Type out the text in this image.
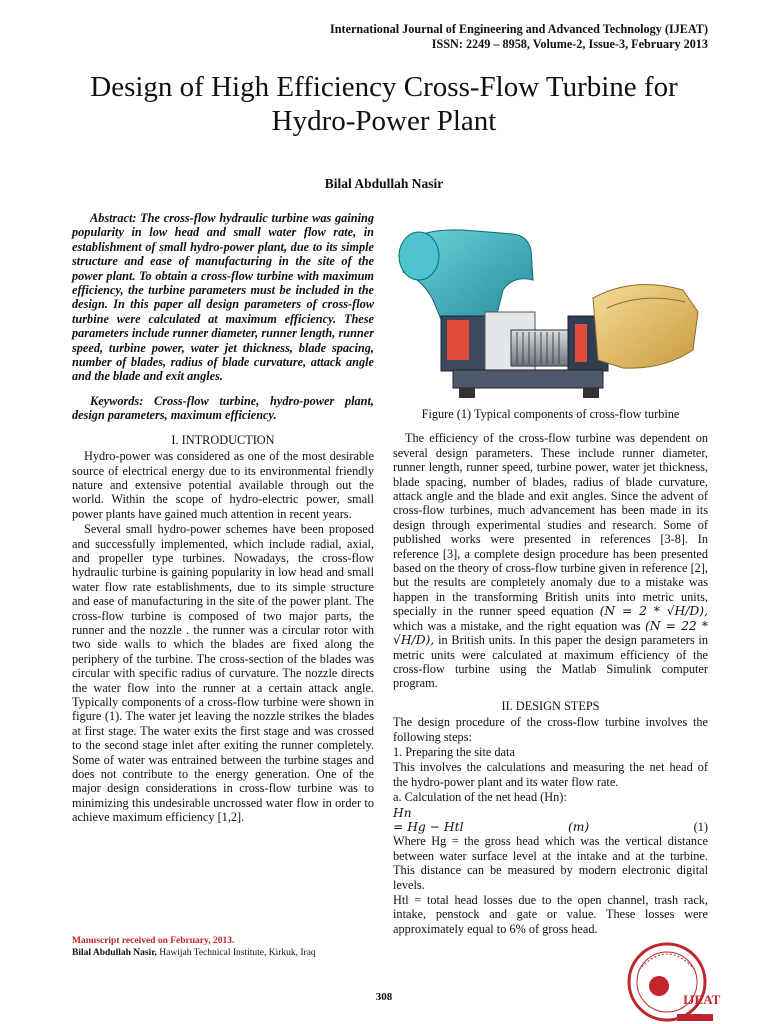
International Journal of Engineering and Advanced Technology (IJEAT)
ISSN: 2249 – 8958, Volume-2, Issue-3, February 2013
Design of High Efficiency Cross-Flow Turbine for
Hydro-Power Plant
Bilal Abdullah Nasir

Abstract: The cross-flow hydraulic turbine was gaining popularity in low head and small water flow rate, in establishment of small hydro-power plant, due to its simple structure and ease of manufacturing in the site of the power plant. To obtain a cross-flow turbine with maximum efficiency, the turbine parameters must be included in the design. In this paper all design parameters of cross-flow turbine were calculated at maximum efficiency. These parameters include runner diameter, runner length, runner speed, turbine power, water jet thickness, blade spacing, number of blades, radius of blade curvature, attack angle and the blade and exit angles.

Keywords: Cross-flow turbine, hydro-power plant, design parameters, maximum efficiency.

I. INTRODUCTION

Hydro-power was considered as one of the most desirable source of electrical energy due to its environmental friendly nature and extensive potential available through out the world. Within the scope of hydro-electric power, small power plants have gained much attention in recent years.

Several small hydro-power schemes have been proposed and successfully implemented, which include radial, axial, and propeller type turbines. Nowadays, the cross-flow hydraulic turbine is gaining popularity in low head and small water flow rate establishments, due to its simple structure and ease of manufacturing in the site of the power plant. The cross-flow turbine is composed of two major parts, the runner and the nozzle . the runner was a circular rotor with two side walls to which the blades are fixed along the periphery of the turbine. The cross-section of the blades was circular with specific radius of curvature. The nozzle directs the water flow into the runner at a certain attack angle. Typically components of a cross-flow turbine were shown in figure (1). The water jet leaving the nozzle strikes the blades at first stage. The water exits the first stage and was crossed to the second stage inlet after exiting the runner completely. Some of water was entrained between the turbine stages and does not contribute to the energy generation. One of the major design considerations in cross-flow turbine was to minimizing this undesirable uncrossed water flow in order to achieve maximum efficiency [1,2].

Figure (1) Typical components of cross-flow turbine

The efficiency of the cross-flow turbine was dependent on several design parameters. These include runner diameter, runner length, runner speed, turbine power, water jet thickness, blade spacing, number of blades, radius of blade curvature, attack angle and the blade and exit angles. Since the advent of cross-flow turbines, much advancement has been made in its design through experimental studies and research. Some of published works were presented in references [3-8]. In reference [3], a complete design procedure has been presented based on the theory of cross-flow turbine given in reference [2], but the results are completely anomaly due to a mistake was happen in the transforming British units into metric units, specially in the runner speed equation (N = 2 * √H/D), which was a mistake, and the right equation was (N = 22 * √H/D), in British units. In this paper the design parameters in metric units were calculated at maximum efficiency of the cross-flow turbine using the Matlab Simulink computer program.

II. DESIGN STEPS

The design procedure of the cross-flow turbine involves the following steps:

1. Preparing the site data

This involves the calculations and measuring the net head of the hydro-power plant and its water flow rate.

a. Calculation of the net head (Hn):

Hn
= Hg − Htl	(m)	(1)

Where Hg = the gross head which was the vertical distance between water surface level at the intake and at the turbine. This distance can be measured by modern electronic digital levels.

Htl = total head losses due to the open channel, trash rack, intake, penstock and gate or value. These losses were approximately equal to 6% of gross head.

Manuscript received on February, 2013.
Bilal Abdullah Nasir, Hawijah Technical Institute, Kirkuk, Iraq
308	IJEAT
